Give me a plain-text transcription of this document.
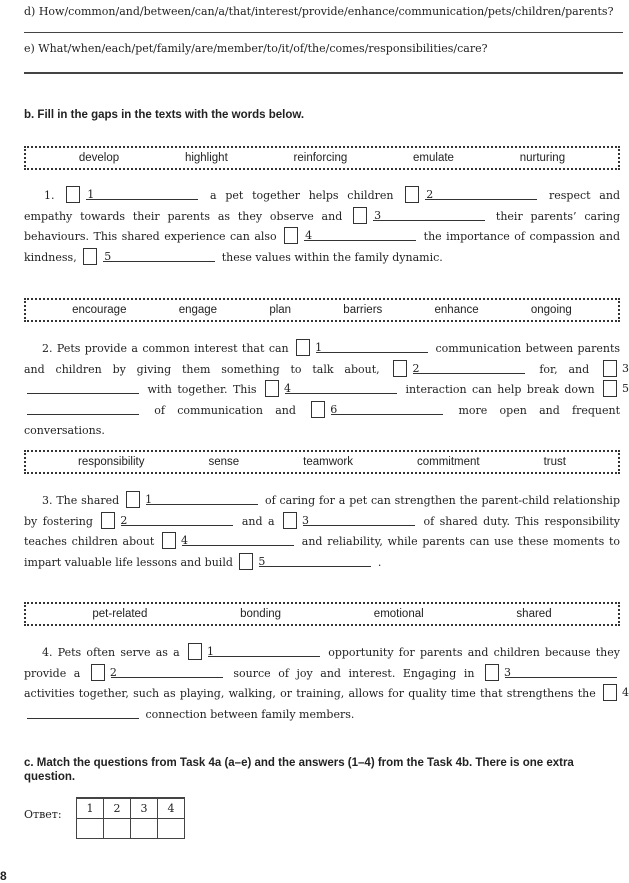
d) How/common/and/between/can/a/that/interest/provide/enhance/communication/pets/children/parents?
e) What/when/each/pet/family/are/member/to/it/of/the/comes/responsibilities/care?
b. Fill in the gaps in the texts with the words below.
develop	highlight	reinforcing	emulate	nurturing
1.	1	a pet together helps children	2	respect and empathy towards their parents as they observe and	3	their parents’ caring behaviours. This shared experience can also	4	the importance of compassion and kindness,	5	these values within the family dynamic.
encourage	engage	plan	barriers	enhance	ongoing
2. Pets provide a common interest that can 1	communication between parents and children by giving them something to talk about,	2	for, and	3 with together. This 4	interaction can help break down 5 of communication and	6	more open and frequent conversations.
responsibility	sense	teamwork	commitment	trust
3. The shared 1	of caring for a pet can strengthen the parent-child relationship by fostering 2	and a 3	of shared duty. This responsibility teaches children about 4	and reliability, while parents can use these moments to impart valuable life lessons and build 5	.
pet-related	bonding	emotional	shared
4. Pets often serve as a 1	opportunity for parents and children because they provide a	2	source of joy and interest. Engaging in	3 activities together, such as playing, walking, or training, allows for quality time that strengthens the 4 connection between family members.
c. Match the questions from Task 4a (a–e) and the answers (1–4) from the Task 4b. There is one extra question.
Ответ: 1	2	3	4

8
